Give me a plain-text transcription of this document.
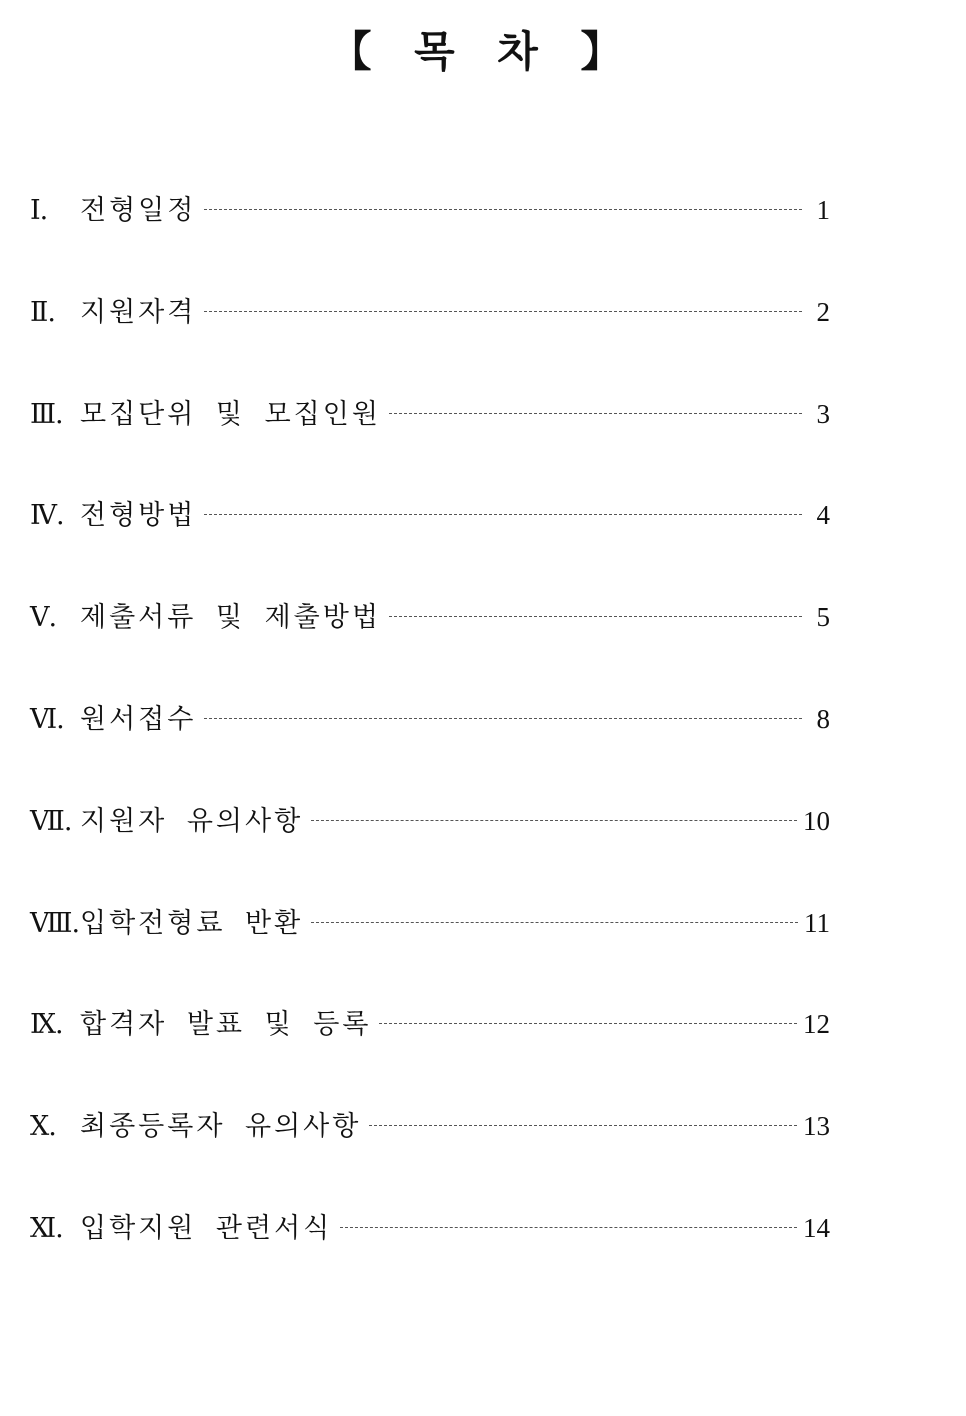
【 목 차 】
Ⅰ.	전형일정	1
Ⅱ. 지원자격	2
Ⅲ. 모집단위 및 모집인원	3
Ⅳ. 전형방법	4
Ⅴ. 제출서류 및 제출방법	5
Ⅵ. 원서접수	8
Ⅶ. 지원자 유의사항	10
Ⅷ. 입학전형료 반환	11
Ⅸ. 합격자 발표 및 등록	12
Ⅹ. 최종등록자 유의사항	13
Ⅺ. 입학지원 관련서식	14
